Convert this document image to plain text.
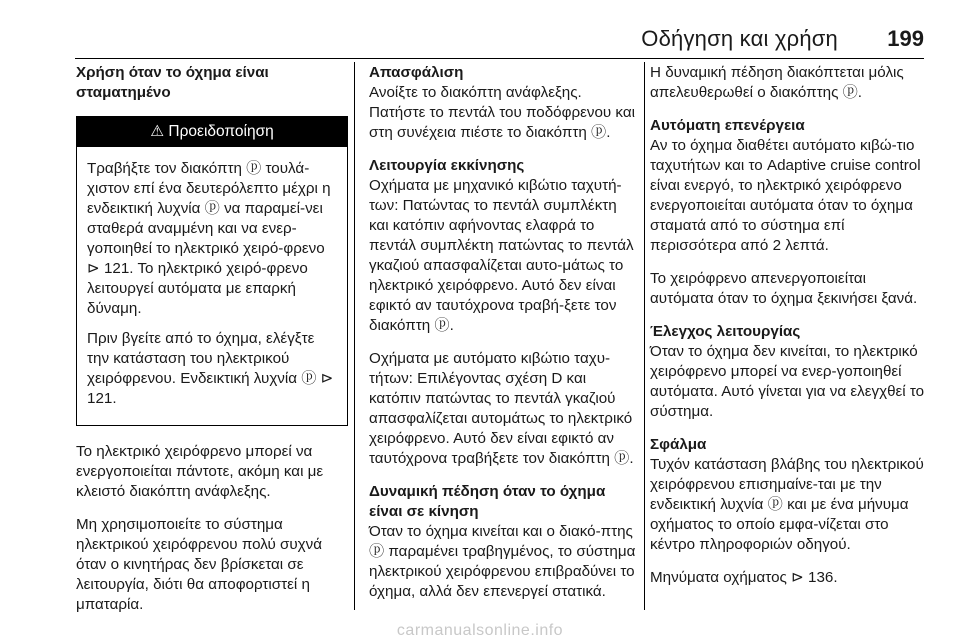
Οδήγηση και χρήση 199

Χρήση όταν το όχημα είναι σταματημένο

⚠ Προειδοποίηση

Τραβήξτε τον διακόπτη ⓟ τουλά-χιστον επί ένα δευτερόλεπτο μέχρι η ενδεικτική λυχνία ⓟ να παραμεί-νει σταθερά αναμμένη και να ενερ-γοποιηθεί το ηλεκτρικό χειρό-φρενο ⊳ 121. Το ηλεκτρικό χειρό-φρενο λειτουργεί αυτόματα με επαρκή δύναμη.

Πριν βγείτε από το όχημα, ελέγξτε την κατάσταση του ηλεκτρικού χειρόφρενου. Ενδεικτική λυχνία ⓟ ⊳ 121.

Το ηλεκτρικό χειρόφρενο μπορεί να ενεργοποιείται πάντοτε, ακόμη και με κλειστό διακόπτη ανάφλεξης.

Μη χρησιμοποιείτε το σύστημα ηλεκτρικού χειρόφρενου πολύ συχνά όταν ο κινητήρας δεν βρίσκεται σε λειτουργία, διότι θα αποφορτιστεί η μπαταρία.

Απασφάλιση
Ανοίξτε το διακόπτη ανάφλεξης. Πατήστε το πεντάλ του ποδόφρενου και στη συνέχεια πιέστε το διακόπτη ⓟ.

Λειτουργία εκκίνησης
Οχήματα με μηχανικό κιβώτιο ταχυτή-των: Πατώντας το πεντάλ συμπλέκτη και κατόπιν αφήνοντας ελαφρά το πεντάλ συμπλέκτη πατώντας το πεντάλ γκαζιού απασφαλίζεται αυτο-μάτως το ηλεκτρικό χειρόφρενο. Αυτό δεν είναι εφικτό αν ταυτόχρονα τραβή-ξετε τον διακόπτη ⓟ.

Οχήματα με αυτόματο κιβώτιο ταχυ-τήτων: Επιλέγοντας σχέση D και κατόπιν πατώντας το πεντάλ γκαζιού απασφαλίζεται αυτομάτως το ηλεκτρικό χειρόφρενο. Αυτό δεν είναι εφικτό αν ταυτόχρονα τραβήξετε τον διακόπτη ⓟ.

Δυναμική πέδηση όταν το όχημα είναι σε κίνηση
Όταν το όχημα κινείται και ο διακό-πτης ⓟ παραμένει τραβηγμένος, το σύστημα ηλεκτρικού χειρόφρενου επιβραδύνει το όχημα, αλλά δεν επενεργεί στατικά.

Η δυναμική πέδηση διακόπτεται μόλις απελευθερωθεί ο διακόπτης ⓟ.

Αυτόματη επενέργεια
Αν το όχημα διαθέτει αυτόματο κιβώ-τιο ταχυτήτων και το Adaptive cruise control είναι ενεργό, το ηλεκτρικό χειρόφρενο ενεργοποιείται αυτόματα όταν το όχημα σταματά από το σύστημα επί περισσότερα από 2 λεπτά.

Το χειρόφρενο απενεργοποιείται αυτόματα όταν το όχημα ξεκινήσει ξανά.

Έλεγχος λειτουργίας
Όταν το όχημα δεν κινείται, το ηλεκτρικό χειρόφρενο μπορεί να ενερ-γοποιηθεί αυτόματα. Αυτό γίνεται για να ελεγχθεί το σύστημα.

Σφάλμα
Τυχόν κατάσταση βλάβης του ηλεκτρικού χειρόφρενου επισημαίνε-ται με την ενδεικτική λυχνία ⓟ και με ένα μήνυμα οχήματος το οποίο εμφα-νίζεται στο κέντρο πληροφοριών οδηγού.

Μηνύματα οχήματος ⊳ 136.

carmanualsonline.info
